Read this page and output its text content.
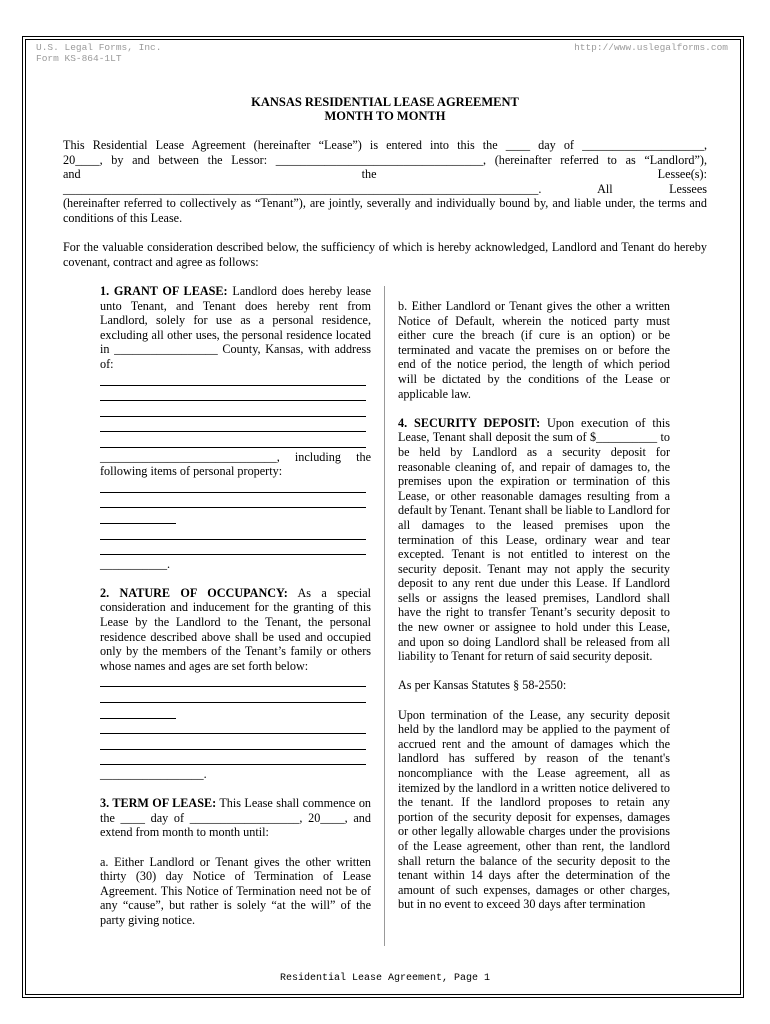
U.S. Legal Forms, Inc.
Form KS-864-1LT
http://www.uslegalforms.com
KANSAS RESIDENTIAL LEASE AGREEMENT
MONTH TO MONTH
This Residential Lease Agreement (hereinafter “Lease”) is entered into this the ____ day of ____________________,
20____, by and between the Lessor: __________________________________, (hereinafter referred to as “Landlord”),
and	the	Lessee(s):
______________________________________________________________________________. All Lessees
(hereinafter referred to collectively as “Tenant”), are jointly, severally and individually bound by, and liable under, the terms and conditions of this Lease.
For the valuable consideration described below, the sufficiency of which is hereby acknowledged, Landlord and Tenant do hereby covenant, contract and agree as follows:
1. GRANT OF LEASE: Landlord does hereby lease unto Tenant, and Tenant does hereby rent from Landlord, solely for use as a personal residence, excluding all other uses, the personal residence located in _________________ County, Kansas, with address of:
_____________________________, including the following items of personal property:
___________.
2. NATURE OF OCCUPANCY: As a special consideration and inducement for the granting of this Lease by the Landlord to the Tenant, the personal residence described above shall be used and occupied only by the members of the Tenant’s family or others whose names and ages are set forth below:
_________________.
3. TERM OF LEASE: This Lease shall commence on the ____ day of __________________, 20____, and extend from month to month until:
a. Either Landlord or Tenant gives the other written thirty (30) day Notice of Termination of Lease Agreement. This Notice of Termination need not be of any “cause”, but rather is solely “at the will” of the party giving notice.
b. Either Landlord or Tenant gives the other a written Notice of Default, wherein the noticed party must either cure the breach (if cure is an option) or be terminated and vacate the premises on or before the end of the notice period, the length of which period will be dictated by the conditions of the Lease or applicable law.
4. SECURITY DEPOSIT: Upon execution of this Lease, Tenant shall deposit the sum of $__________ to be held by Landlord as a security deposit for reasonable cleaning of, and repair of damages to, the premises upon the expiration or termination of this Lease, or other reasonable damages resulting from a default by Tenant. Tenant shall be liable to Landlord for all damages to the leased premises upon the termination of this Lease, ordinary wear and tear excepted. Tenant is not entitled to interest on the security deposit. Tenant may not apply the security deposit to any rent due under this Lease. If Landlord sells or assigns the leased premises, Landlord shall have the right to transfer Tenant’s security deposit to the new owner or assignee to hold under this Lease, and upon so doing Landlord shall be released from all liability to Tenant for return of said security deposit.
As per Kansas Statutes § 58-2550:
Upon termination of the Lease, any security deposit held by the landlord may be applied to the payment of accrued rent and the amount of damages which the landlord has suffered by reason of the tenant's noncompliance with the Lease agreement, all as itemized by the landlord in a written notice delivered to the tenant. If the landlord proposes to retain any portion of the security deposit for expenses, damages or other legally allowable charges under the provisions of the Lease agreement, other than rent, the landlord shall return the balance of the security deposit to the tenant within 14 days after the determination of the amount of such expenses, damages or other charges, but in no event to exceed 30 days after termination
Residential Lease Agreement, Page 1
